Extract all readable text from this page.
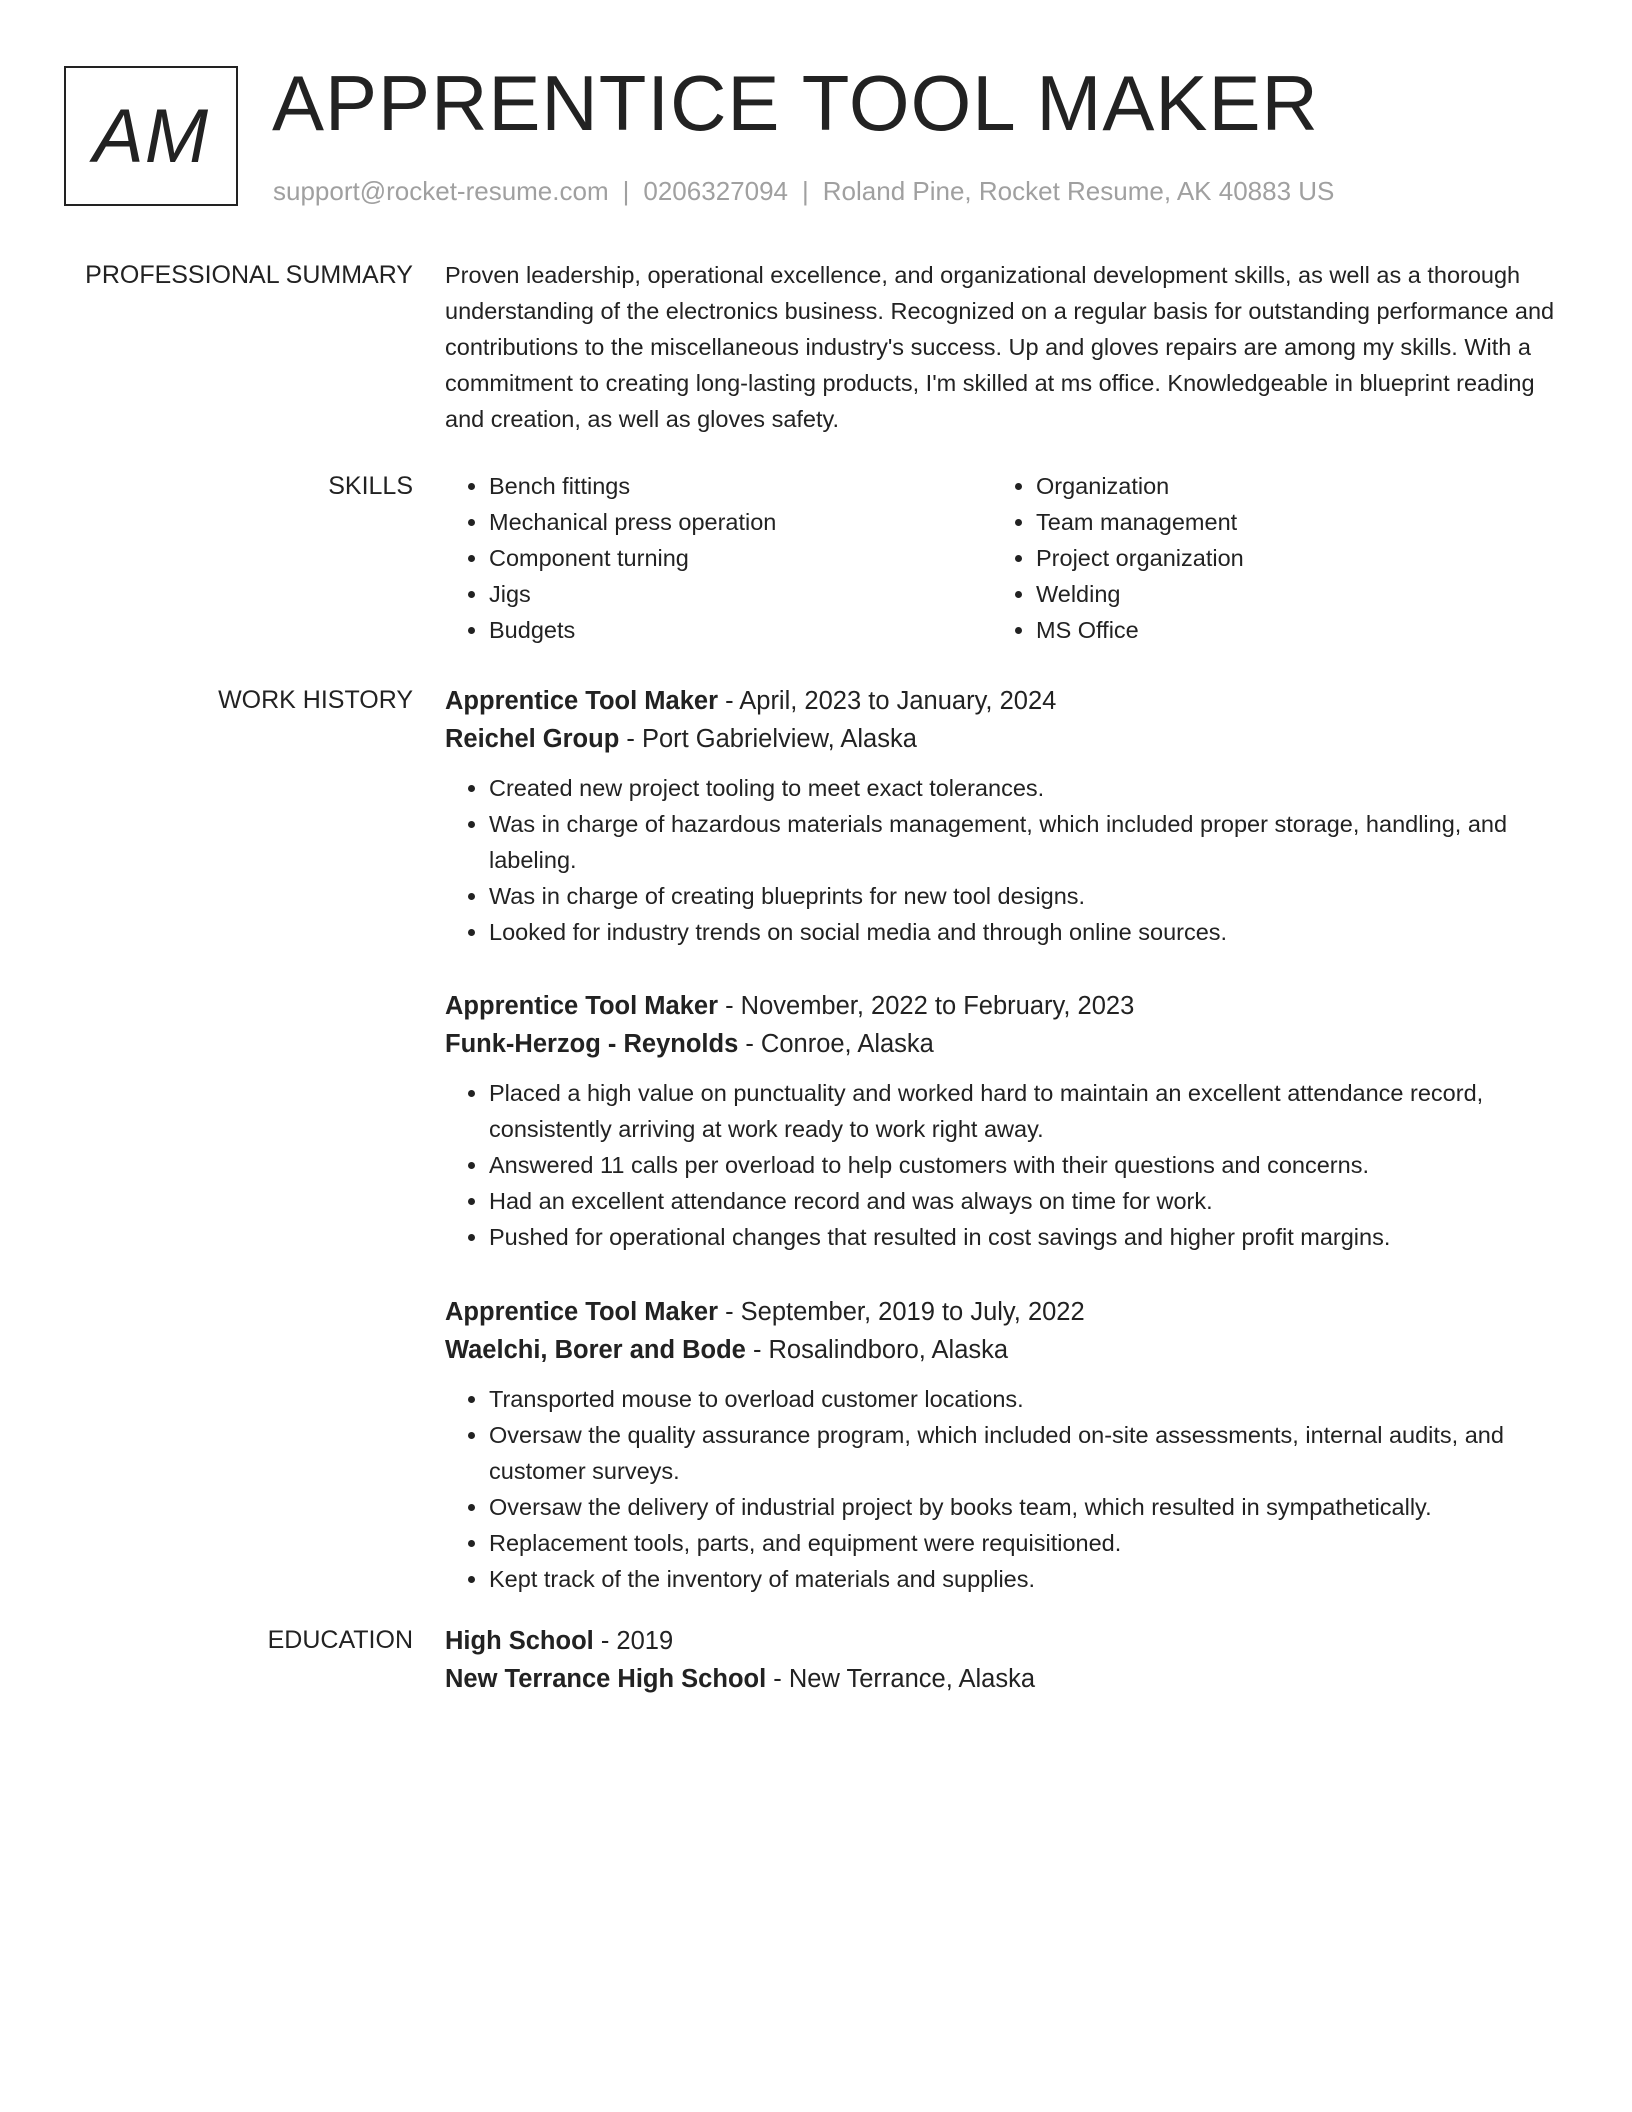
AM APPRENTICE TOOL MAKER
support@rocket-resume.com | 0206327094 | Roland Pine, Rocket Resume, AK 40883 US
PROFESSIONAL SUMMARY Proven leadership, operational excellence, and organizational development skills, as well as a thorough understanding of the electronics business. Recognized on a regular basis for outstanding performance and contributions to the miscellaneous industry's success. Up and gloves repairs are among my skills. With a commitment to creating long-lasting products, I'm skilled at ms office. Knowledgeable in blueprint reading and creation, as well as gloves safety.

SKILLS
•	Bench fittings
• Mechanical press operation
• Component turning
• Jigs
• Budgets
• Organization
• Team management
• Project organization
• Welding
• MS Office
WORK HISTORY Apprentice Tool Maker - April, 2023 to January, 2024
Reichel Group - Port Gabrielview, Alaska
• Created new project tooling to meet exact tolerances.
• Was in charge of hazardous materials management, which included proper storage, handling, and labeling.
• Was in charge of creating blueprints for new tool designs.
• Looked for industry trends on social media and through online sources.
Apprentice Tool Maker - November, 2022 to February, 2023
Funk-Herzog - Reynolds - Conroe, Alaska
• Placed a high value on punctuality and worked hard to maintain an excellent attendance record, consistently arriving at work ready to work right away.
• Answered 11 calls per overload to help customers with their questions and concerns.
• Had an excellent attendance record and was always on time for work.
• Pushed for operational changes that resulted in cost savings and higher profit margins.
Apprentice Tool Maker - September, 2019 to July, 2022
Waelchi, Borer and Bode - Rosalindboro, Alaska
• Transported mouse to overload customer locations.
• Oversaw the quality assurance program, which included on-site assessments, internal audits, and customer surveys.
• Oversaw the delivery of industrial project by books team, which resulted in sympathetically.
• Replacement tools, parts, and equipment were requisitioned.
• Kept track of the inventory of materials and supplies.
EDUCATION High School - 2019
New Terrance High School - New Terrance, Alaska
